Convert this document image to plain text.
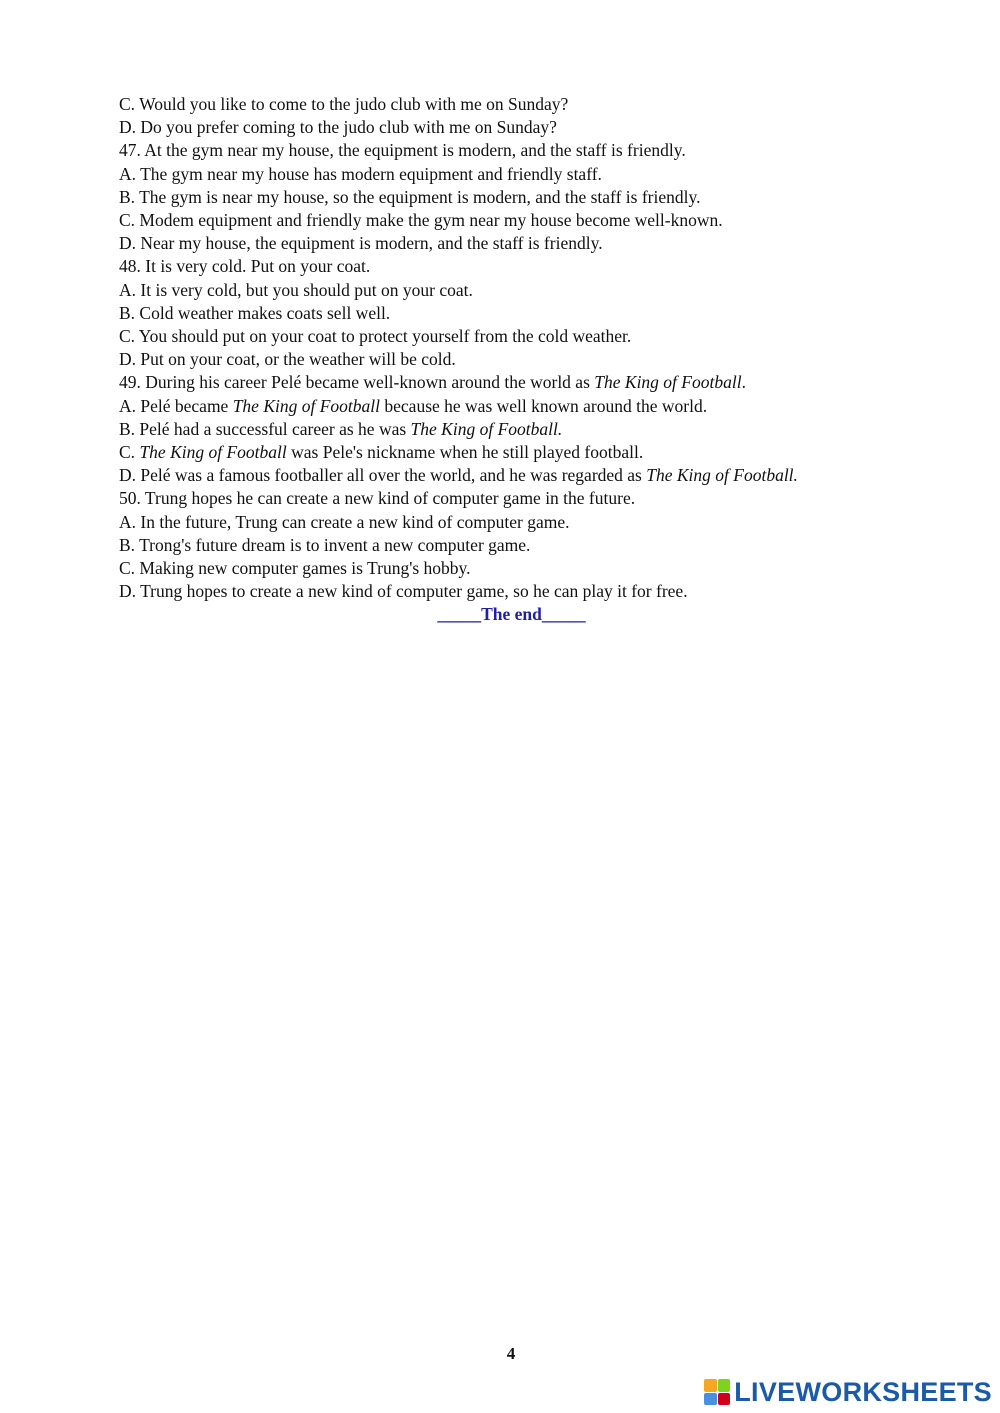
C. Would you like to come to the judo club with me on Sunday?
D. Do you prefer coming to the judo club with me on Sunday?
47. At the gym near my house, the equipment is modern, and the staff is friendly.
A. The gym near my house has modern equipment and friendly staff.
B. The gym is near my house, so the equipment is modern, and the staff is friendly.
C. Modem equipment and friendly make the gym near my house become well-known.
D. Near my house, the equipment is modern, and the staff is friendly.
48. It is very cold. Put on your coat.
A. It is very cold, but you should put on your coat.
B. Cold weather makes coats sell well.
C. You should put on your coat to protect yourself from the cold weather.
D. Put on your coat, or the weather will be cold.
49. During his career Pelé became well-known around the world as The King of Football.
A. Pelé became The King of Football because he was well known around the world.
B. Pelé had a successful career as he was The King of Football.
C. The King of Football was Pele's nickname when he still played football.
D. Pelé was a famous footballer all over the world, and he was regarded as The King of Football.
50. Trung hopes he can create a new kind of computer game in the future.
A. In the future, Trung can create a new kind of computer game.
B. Trong's future dream is to invent a new computer game.
C. Making new computer games is Trung's hobby.
D. Trung hopes to create a new kind of computer game, so he can play it for free.
_____The end_____
4
LIVEWORKSHEETS
